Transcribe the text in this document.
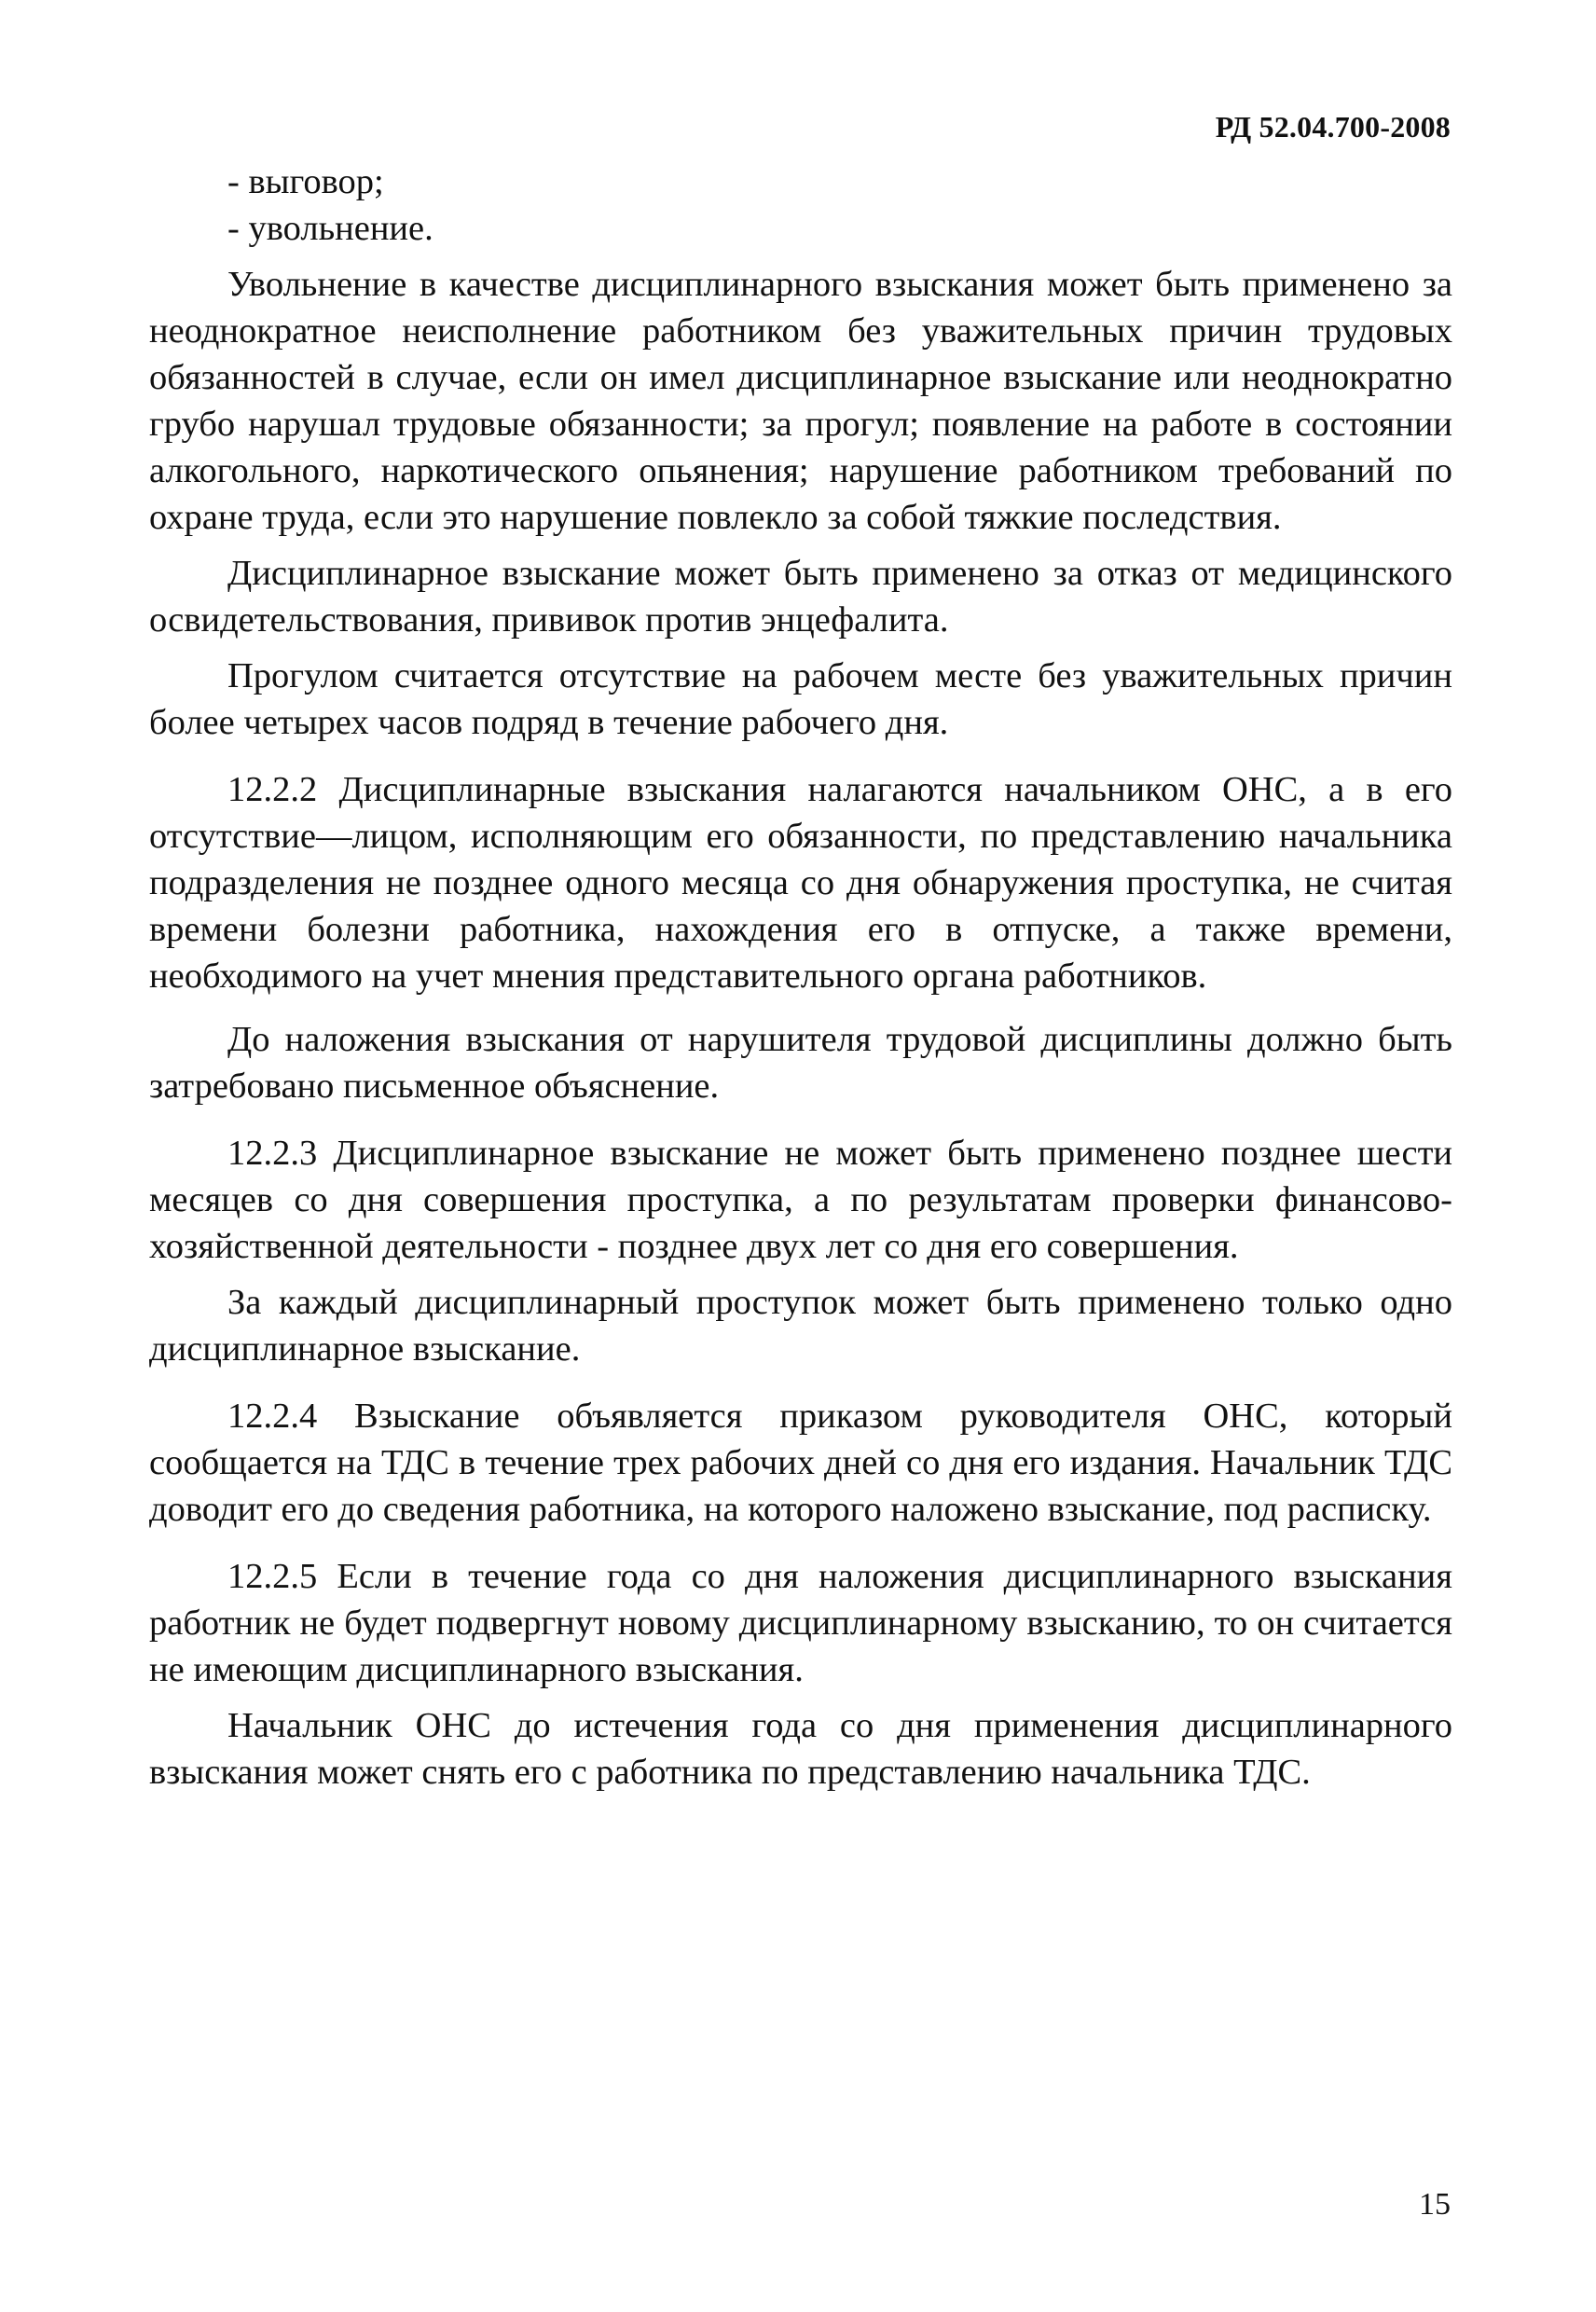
РД 52.04.700-2008

- выговор;

- увольнение.

Увольнение в качестве дисциплинарного взыскания может быть применено за неоднократное неисполнение работником без уважительных причин трудовых обязанностей в случае, если он имел дисциплинарное взыскание или неоднократно грубо нарушал трудовые обязанности; за прогул; появление на работе в состоянии алкогольного, наркотического опьянения; нарушение работником требований по охране труда, если это нарушение повлекло за собой тяжкие последствия.

Дисциплинарное взыскание может быть применено за отказ от медицинского освидетельствования, прививок против энцефалита.

Прогулом считается отсутствие на рабочем месте без уважительных причин более четырех часов подряд в течение рабочего дня.

12.2.2 Дисциплинарные взыскания налагаются начальником ОНС, а в его отсутствие—лицом, исполняющим его обязанности, по представлению начальника подразделения не позднее одного месяца со дня обнаружения проступка, не считая времени болезни работника, нахождения его в отпуске, а также времени, необходимого на учет мнения представительного органа работников.

До наложения взыскания от нарушителя трудовой дисциплины должно быть затребовано письменное объяснение.

12.2.3 Дисциплинарное взыскание не может быть применено позднее шести месяцев со дня совершения проступка, а по результатам проверки финансово-хозяйственной деятельности - позднее двух лет со дня его совершения.

За каждый дисциплинарный проступок может быть применено только одно дисциплинарное взыскание.

12.2.4 Взыскание объявляется приказом руководителя ОНС, который сообщается на ТДС в течение трех рабочих дней со дня его издания. Начальник ТДС доводит его до сведения работника, на которого наложено взыскание, под расписку.

12.2.5 Если в течение года со дня наложения дисциплинарного взыскания работник не будет подвергнут новому дисциплинарному взысканию, то он считается не имеющим дисциплинарного взыскания.

Начальник ОНС до истечения года со дня применения дисциплинарного взыскания может снять его с работника по представлению начальника ТДС.

15
